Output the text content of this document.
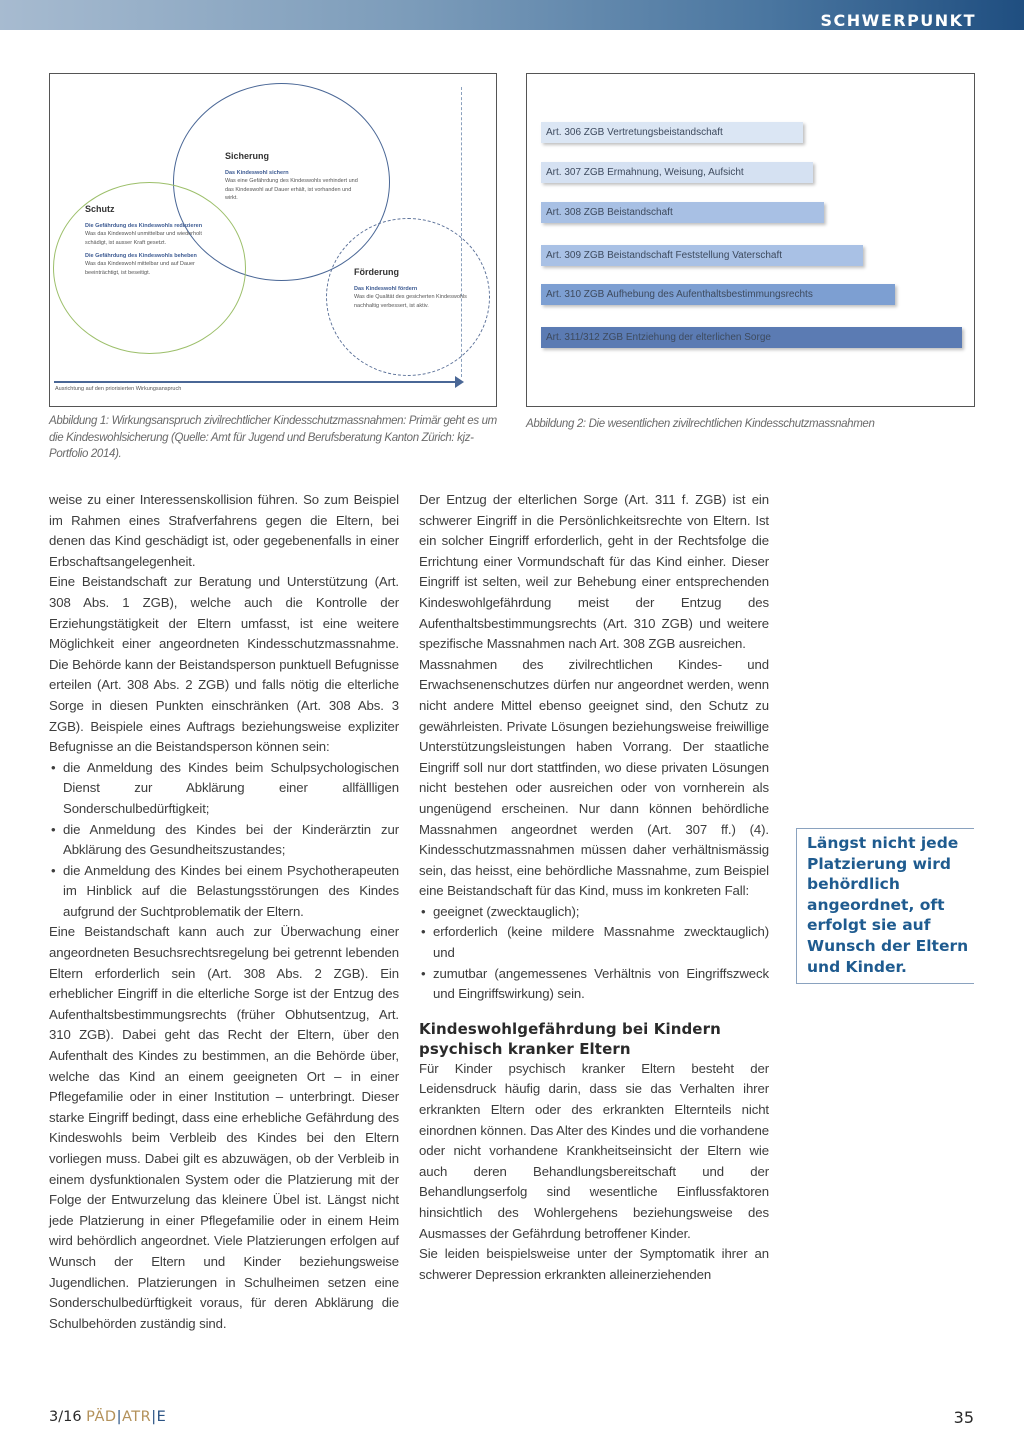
SCHWERPUNKT
Sicherung
Das Kindeswohl sichern
Was eine Gefährdung des Kindeswohls verhindert und das Kindeswohl auf Dauer erhält, ist vorhanden und wirkt.
Schutz
Die Gefährdung des Kindeswohls reduzieren
Was das Kindeswohl unmittelbar und wiederholt schädigt, ist ausser Kraft gesetzt.
Die Gefährdung des Kindeswohls beheben
Was das Kindeswohl mittelbar und auf Dauer beeinträchtigt, ist beseitigt.	Förderung
Das Kindeswohl fördern
Was die Qualität des gesicherten Kindeswohls nachhaltig verbessert, ist aktiv.
Ausrichtung auf den priorisierten Wirkungsanspruch
Abbildung 1: Wirkungsanspruch zivilrechtlicher Kindesschutzmassnahmen: Primär geht es um die Kindeswohlsicherung (Quelle: Amt für Jugend und Berufsberatung Kanton Zürich: kjz-Portfolio 2014).
Art. 306 ZGB Vertretungsbeistandschaft
Art. 307 ZGB Ermahnung, Weisung, Aufsicht
Art. 308 ZGB Beistandschaft
Art. 309 ZGB Beistandschaft Feststellung Vaterschaft
Art. 310 ZGB Aufhebung des Aufenthaltsbestimmungsrechts
Art. 311/312 ZGB Entziehung der elterlichen Sorge
Abbildung 2: Die wesentlichen zivilrechtlichen Kindesschutzmassnahmen

weise zu einer Interessenskollision führen. So zum Beispiel im Rahmen eines Strafverfahrens gegen die Eltern, bei denen das Kind geschädigt ist, oder gegebenenfalls in einer Erbschaftsangelegenheit.

Eine Beistandschaft zur Beratung und Unterstützung (Art. 308 Abs. 1 ZGB), welche auch die Kontrolle der Erziehungstätigkeit der Eltern umfasst, ist eine weitere Möglichkeit einer angeordneten Kindesschutzmassnahme. Die Behörde kann der Beistandsperson punktuell Befugnisse erteilen (Art. 308 Abs. 2 ZGB) und falls nötig die elterliche Sorge in diesen Punkten einschränken (Art. 308 Abs. 3 ZGB). Beispiele eines Auftrags beziehungsweise expliziter Befugnisse an die Beistandsperson können sein:

• die Anmeldung des Kindes beim Schulpsychologischen Dienst zur Abklärung einer allfällligen Sonderschulbedürftigkeit;
• die Anmeldung des Kindes bei der Kinderärztin zur Abklärung des Gesundheitszustandes;
• die Anmeldung des Kindes bei einem Psychotherapeuten im Hinblick auf die Belastungsstörungen des Kindes aufgrund der Suchtproblematik der Eltern.

Eine Beistandschaft kann auch zur Überwachung einer angeordneten Besuchsrechtsregelung bei getrennt lebenden Eltern erforderlich sein (Art. 308 Abs. 2 ZGB). Ein erheblicher Eingriff in die elterliche Sorge ist der Entzug des Aufenthaltsbestimmungsrechts (früher Obhutsentzug, Art. 310 ZGB). Dabei geht das Recht der Eltern, über den Aufenthalt des Kindes zu bestimmen, an die Behörde über, welche das Kind an einem geeigneten Ort – in einer Pflegefamilie oder in einer Institution – unterbringt. Dieser starke Eingriff bedingt, dass eine erhebliche Gefährdung des Kindeswohls beim Verbleib des Kindes bei den Eltern vorliegen muss. Dabei gilt es abzuwägen, ob der Verbleib in einem dysfunktionalen System oder die Platzierung mit der Folge der Entwurzelung das kleinere Übel ist. Längst nicht jede Platzierung in einer Pflegefamilie oder in einem Heim wird behördlich angeordnet. Viele Platzierungen erfolgen auf Wunsch der Eltern und Kinder beziehungsweise Jugendlichen. Platzierungen in Schulheimen setzen eine Sonderschulbedürftigkeit voraus, für deren Abklärung die Schulbehörden zuständig sind.

Der Entzug der elterlichen Sorge (Art. 311 f. ZGB) ist ein schwerer Eingriff in die Persönlichkeitsrechte von Eltern. Ist ein solcher Eingriff erforderlich, geht in der Rechtsfolge die Errichtung einer Vormundschaft für das Kind einher. Dieser Eingriff ist selten, weil zur Behebung einer entsprechenden Kindeswohlgefährdung meist der Entzug des Aufenthaltsbestimmungsrechts (Art. 310 ZGB) und weitere spezifische Massnahmen nach Art. 308 ZGB ausreichen.

Massnahmen des zivilrechtlichen Kindes- und Erwachsenenschutzes dürfen nur angeordnet werden, wenn nicht andere Mittel ebenso geeignet sind, den Schutz zu gewährleisten. Private Lösungen beziehungsweise freiwillige Unterstützungsleistungen haben Vorrang. Der staatliche Eingriff soll nur dort stattfinden, wo diese privaten Lösungen nicht bestehen oder ausreichen oder von vornherein als ungenügend erscheinen. Nur dann können behördliche Massnahmen angeordnet werden (Art. 307 ff.) (4). Kindesschutzmassnahmen müssen daher verhältnismässig sein, das heisst, eine behördliche Massnahme, zum Beispiel eine Beistandschaft für das Kind, muss im konkreten Fall:

• geeignet (zwecktauglich);
• erforderlich (keine mildere Massnahme zwecktauglich) und
• zumutbar (angemessenes Verhältnis von Eingriffszweck und Eingriffswirkung) sein.
Kindeswohlgefährdung bei Kindern psychisch kranker Eltern

Für Kinder psychisch kranker Eltern besteht der Leidensdruck häufig darin, dass sie das Verhalten ihrer erkrankten Eltern oder des erkrankten Elternteils nicht einordnen können. Das Alter des Kindes und die vorhandene oder nicht vorhandene Krankheitseinsicht der Eltern wie auch deren Behandlungsbereitschaft und der Behandlungserfolg sind wesentliche Einflussfaktoren hinsichtlich des Wohlergehens beziehungsweise des Ausmasses der Gefährdung betroffener Kinder.

Sie leiden beispielsweise unter der Symptomatik ihrer an schwerer Depression erkrankten alleinerziehenden

Längst nicht jede Platzierung wird behördlich angeordnet, oft erfolgt sie auf Wunsch der Eltern und Kinder.
3/16 PÄD|ATR|E	35
